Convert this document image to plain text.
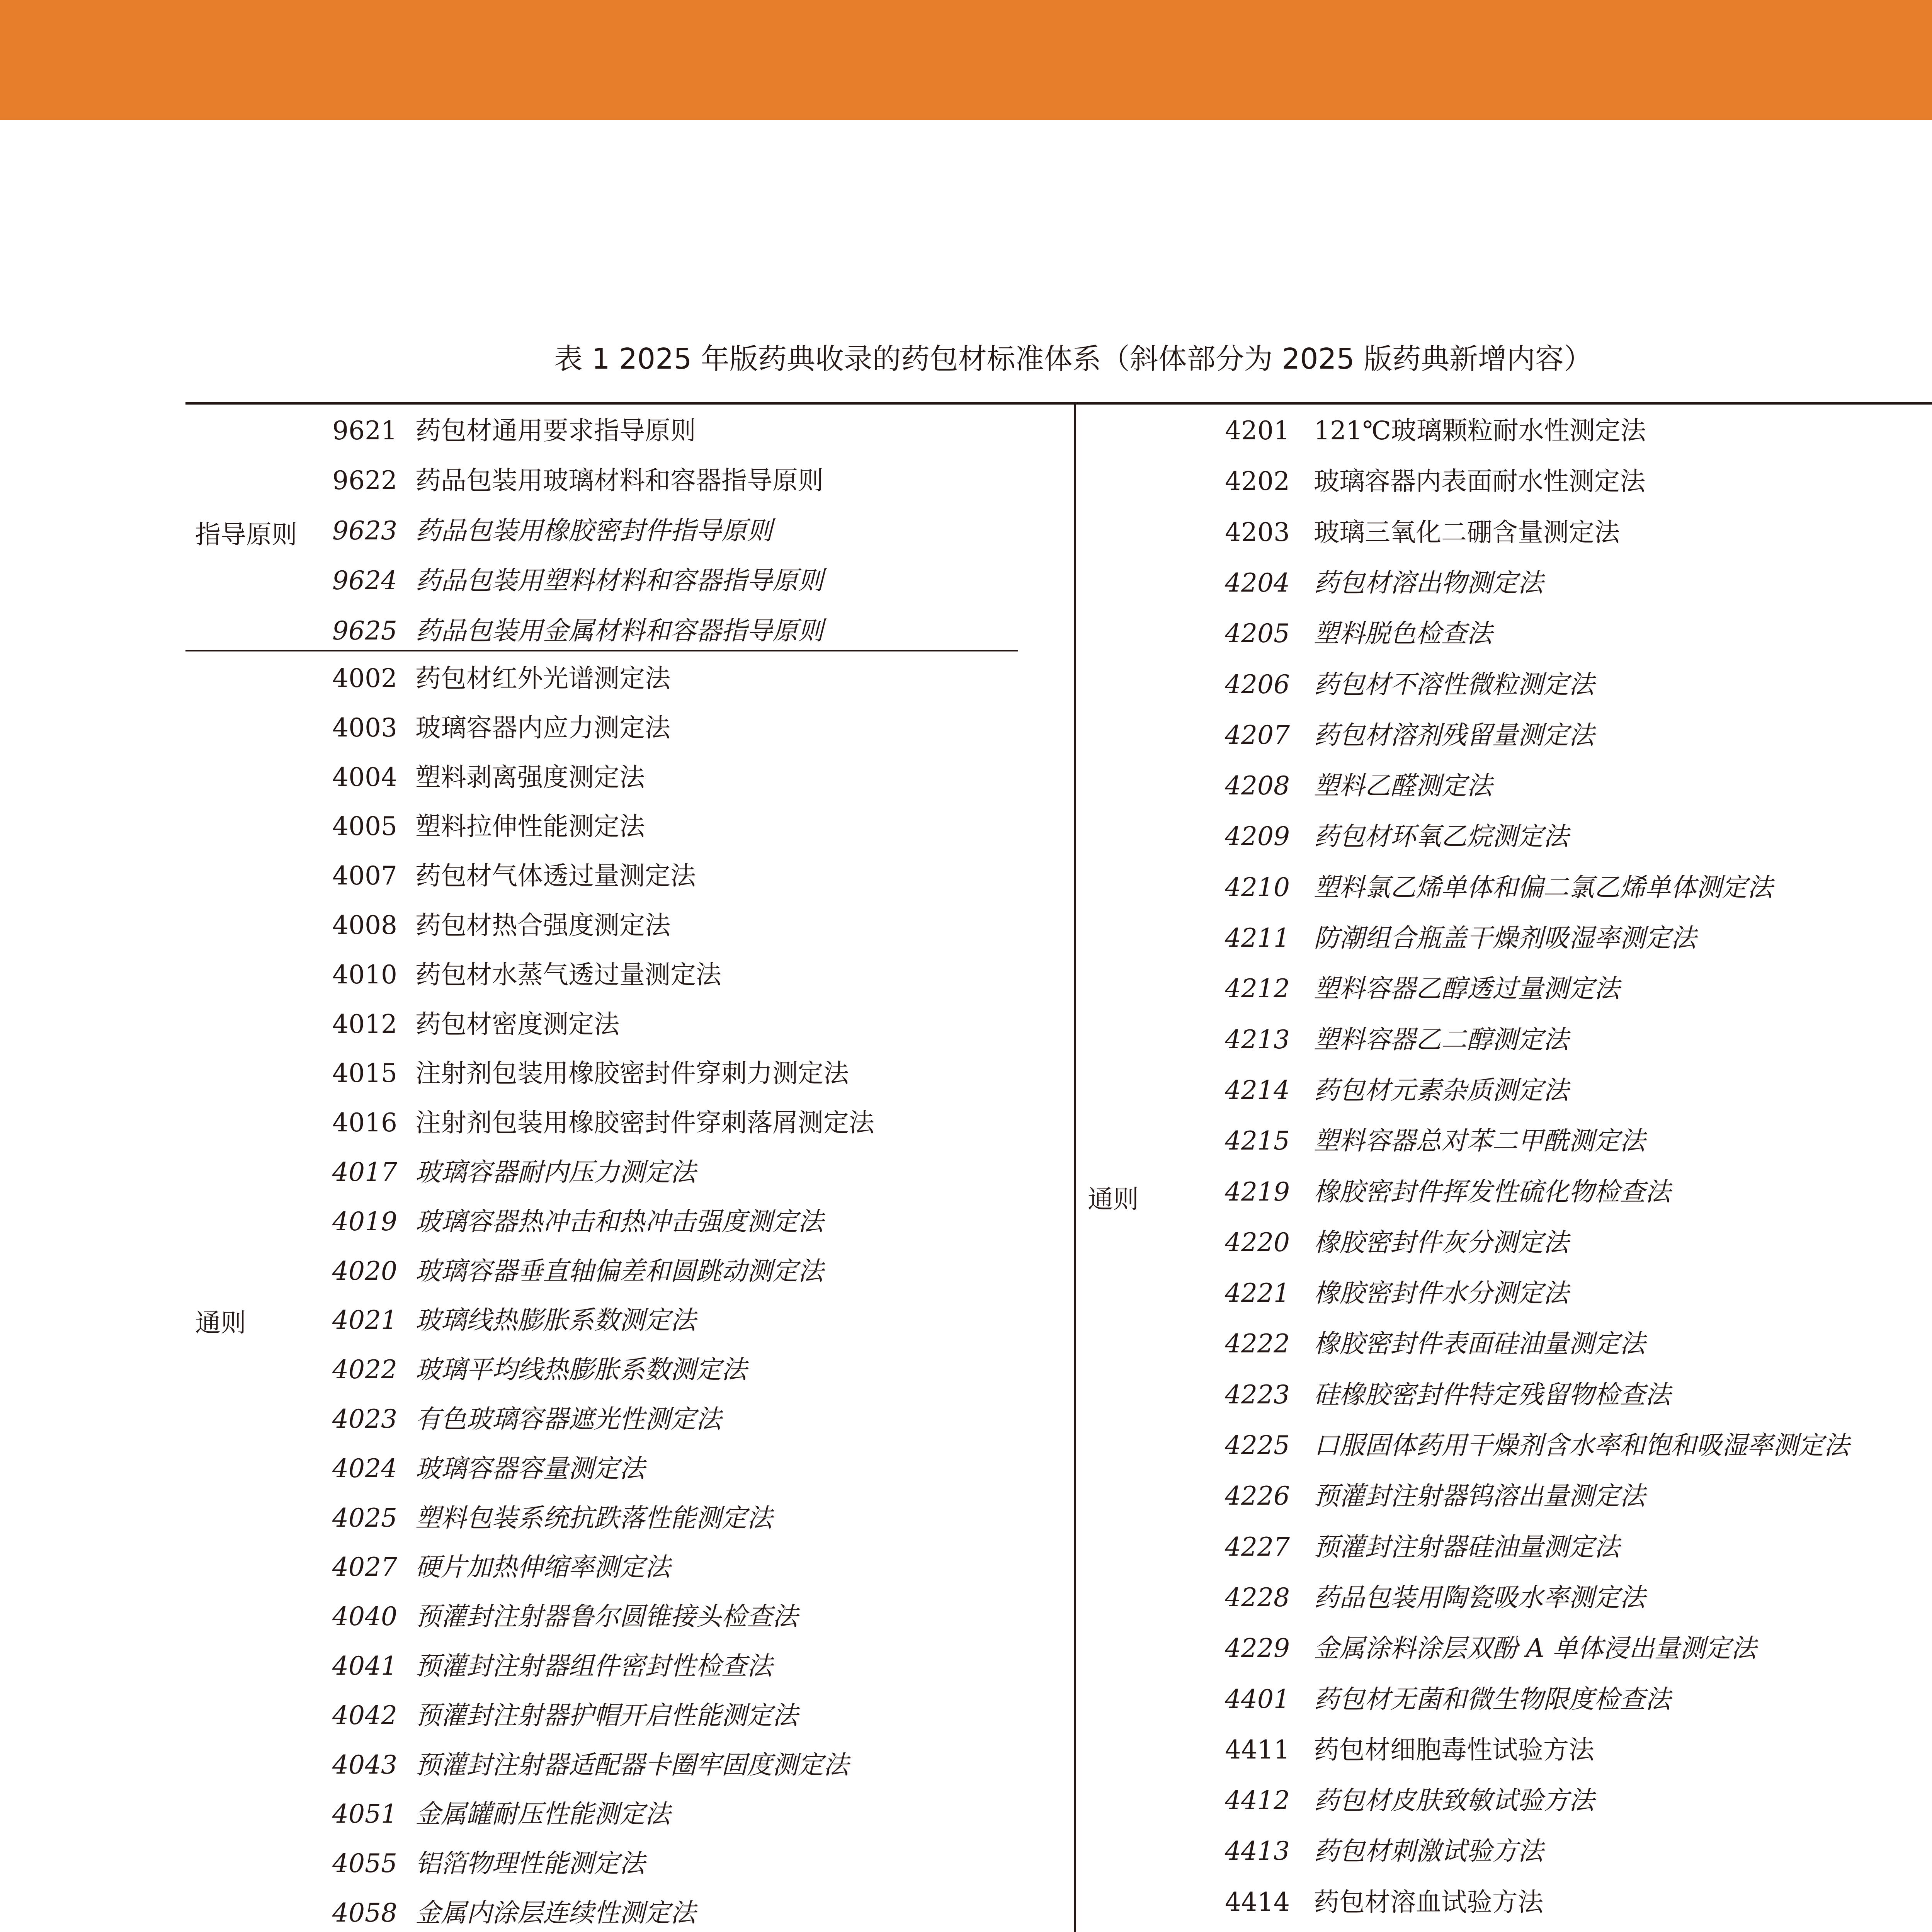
表 1 2025 年版药典收录的药包材标准体系（斜体部分为 2025 版药典新增内容）
指导原则
通则
通则
9621 药包材通用要求指导原则
9622 药品包装用玻璃材料和容器指导原则
9623 药品包装用橡胶密封件指导原则
9624 药品包装用塑料材料和容器指导原则
9625 药品包装用金属材料和容器指导原则
4002 药包材红外光谱测定法
4003 玻璃容器内应力测定法
4004 塑料剥离强度测定法
4005 塑料拉伸性能测定法
4007 药包材气体透过量测定法
4008 药包材热合强度测定法
4010 药包材水蒸气透过量测定法
4012 药包材密度测定法
4015 注射剂包装用橡胶密封件穿刺力测定法
4016 注射剂包装用橡胶密封件穿刺落屑测定法
4017 玻璃容器耐内压力测定法
4019 玻璃容器热冲击和热冲击强度测定法
4020 玻璃容器垂直轴偏差和圆跳动测定法
4021 玻璃线热膨胀系数测定法
4022 玻璃平均线热膨胀系数测定法
4023 有色玻璃容器遮光性测定法
4024 玻璃容器容量测定法
4025 塑料包装系统抗跌落性能测定法
4027 硬片加热伸缩率测定法
4040 预灌封注射器鲁尔圆锥接头检查法
4041 预灌封注射器组件密封性检查法
4042 预灌封注射器护帽开启性能测定法
4043 预灌封注射器适配器卡圈牢固度测定法
4051 金属罐耐压性能测定法
4055 铝箔物理性能测定法
4058 金属内涂层连续性测定法
4201 121℃玻璃颗粒耐水性测定法
4202 玻璃容器内表面耐水性测定法
4203 玻璃三氧化二硼含量测定法
4204 药包材溶出物测定法
4205 塑料脱色检查法
4206 药包材不溶性微粒测定法
4207 药包材溶剂残留量测定法
4208 塑料乙醛测定法
4209 药包材环氧乙烷测定法
4210 塑料氯乙烯单体和偏二氯乙烯单体测定法
4211 防潮组合瓶盖干燥剂吸湿率测定法
4212 塑料容器乙醇透过量测定法
4213 塑料容器乙二醇测定法
4214 药包材元素杂质测定法
4215 塑料容器总对苯二甲酰测定法
4219 橡胶密封件挥发性硫化物检查法
4220 橡胶密封件灰分测定法
4221 橡胶密封件水分测定法
4222 橡胶密封件表面硅油量测定法
4223 硅橡胶密封件特定残留物检查法
4225 口服固体药用干燥剂含水率和饱和吸湿率测定法
4226 预灌封注射器钨溶出量测定法
4227 预灌封注射器硅油量测定法
4228 药品包装用陶瓷吸水率测定法
4229 金属涂料涂层双酚 A 单体浸出量测定法
4401 药包材无菌和微生物限度检查法
4411 药包材细胞毒性试验方法
4412 药包材皮肤致敏试验方法
4413 药包材刺激试验方法
4414 药包材溶血试验方法
